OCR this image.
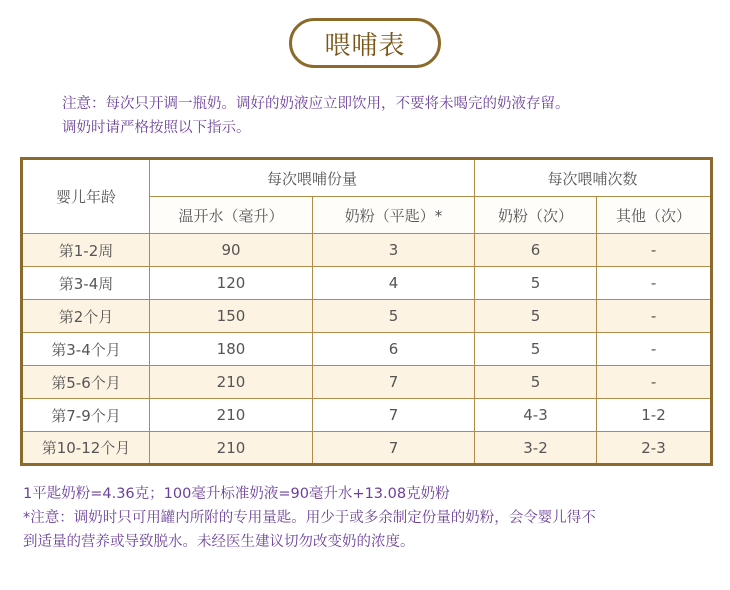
喂哺表
注意：每次只开调一瓶奶。调好的奶液应立即饮用，不要将未喝完的奶液存留。
调奶时请严格按照以下指示。
婴儿年龄	每次喂哺份量		每次喂哺次数	
	温开水（毫升）	奶粉（平匙）*	奶粉（次）	其他（次）
第1-2周	90	3	6	-
第3-4周	120	4	5	-
第2个月	150	5	5	-
第3-4个月	180	6	5	-
第5-6个月	210	7	5	-
第7-9个月	210	7	4-3	1-2
第10-12个月	210	7	3-2	2-3
1平匙奶粉=4.36克；100毫升标准奶液=90毫升水+13.08克奶粉
*注意：调奶时只可用罐内所附的专用量匙。用少于或多余制定份量的奶粉，会令婴儿得不
到适量的营养或导致脱水。未经医生建议切勿改变奶的浓度。
